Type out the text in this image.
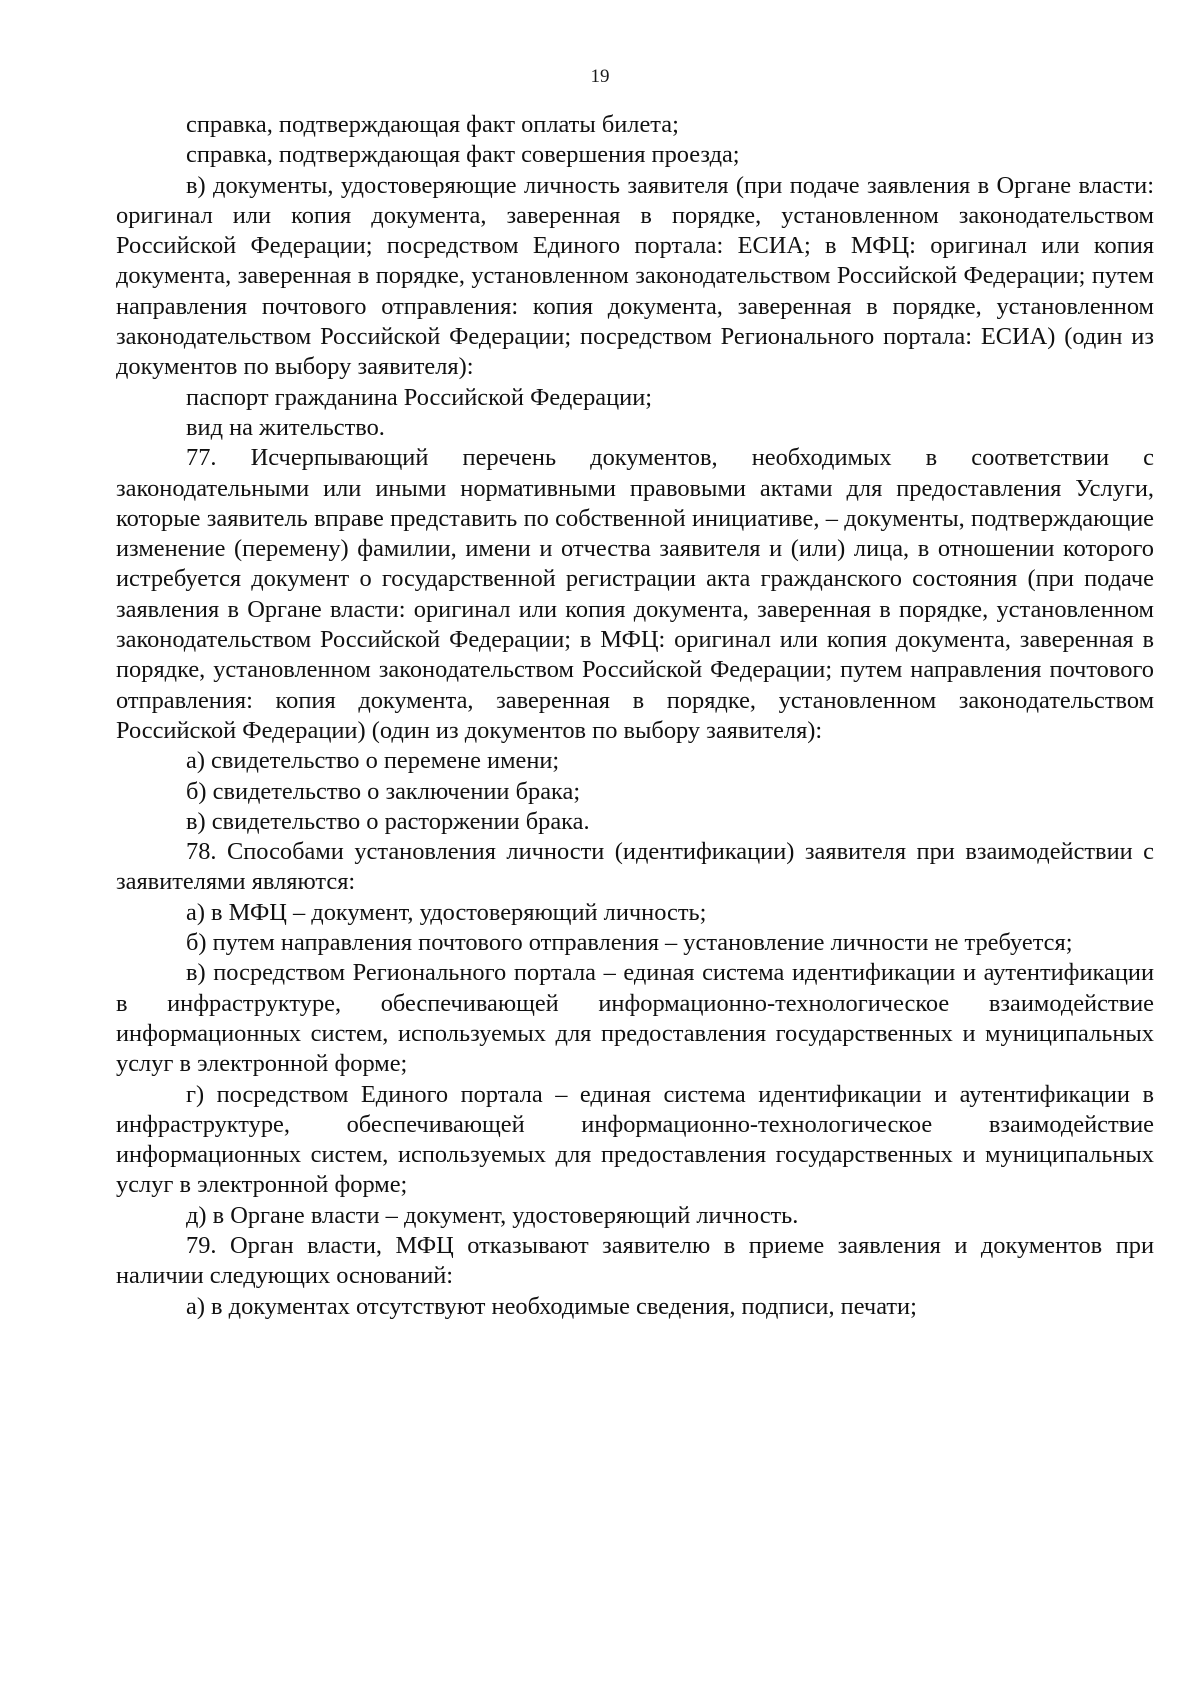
19

справка, подтверждающая факт оплаты билета;

справка, подтверждающая факт совершения проезда;

в) документы, удостоверяющие личность заявителя (при подаче заявления в Органе власти: оригинал или копия документа, заверенная в порядке, установленном законодательством Российской Федерации; посредством Единого портала: ЕСИА; в МФЦ: оригинал или копия документа, заверенная в порядке, установленном законодательством Российской Федерации; путем направления почтового отправления: копия документа, заверенная в порядке, установленном законодательством Российской Федерации; посредством Регионального портала: ЕСИА) (один из документов по выбору заявителя):

паспорт гражданина Российской Федерации;

вид на жительство.

77. Исчерпывающий перечень документов, необходимых в соответствии с законодательными или иными нормативными правовыми актами для предоставления Услуги, которые заявитель вправе представить по собственной инициативе, – документы, подтверждающие изменение (перемену) фамилии, имени и отчества заявителя и (или) лица, в отношении которого истребуется документ о государственной регистрации акта гражданского состояния (при подаче заявления в Органе власти: оригинал или копия документа, заверенная в порядке, установленном законодательством Российской Федерации; в МФЦ: оригинал или копия документа, заверенная в порядке, установленном законодательством Российской Федерации; путем направления почтового отправления: копия документа, заверенная в порядке, установленном законодательством Российской Федерации) (один из документов по выбору заявителя):

а) свидетельство о перемене имени;

б) свидетельство о заключении брака;

в) свидетельство о расторжении брака.

78. Способами установления личности (идентификации) заявителя при взаимодействии с заявителями являются:

а) в МФЦ – документ, удостоверяющий личность;

б) путем направления почтового отправления – установление личности не требуется;

в) посредством Регионального портала – единая система идентификации и аутентификации в инфраструктуре, обеспечивающей информационно-технологическое взаимодействие информационных систем, используемых для предоставления государственных и муниципальных услуг в электронной форме;

г) посредством Единого портала – единая система идентификации и аутентификации в инфраструктуре, обеспечивающей информационно-технологическое взаимодействие информационных систем, используемых для предоставления государственных и муниципальных услуг в электронной форме;

д) в Органе власти – документ, удостоверяющий личность.

79. Орган власти, МФЦ отказывают заявителю в приеме заявления и документов при наличии следующих оснований:

а) в документах отсутствуют необходимые сведения, подписи, печати;
